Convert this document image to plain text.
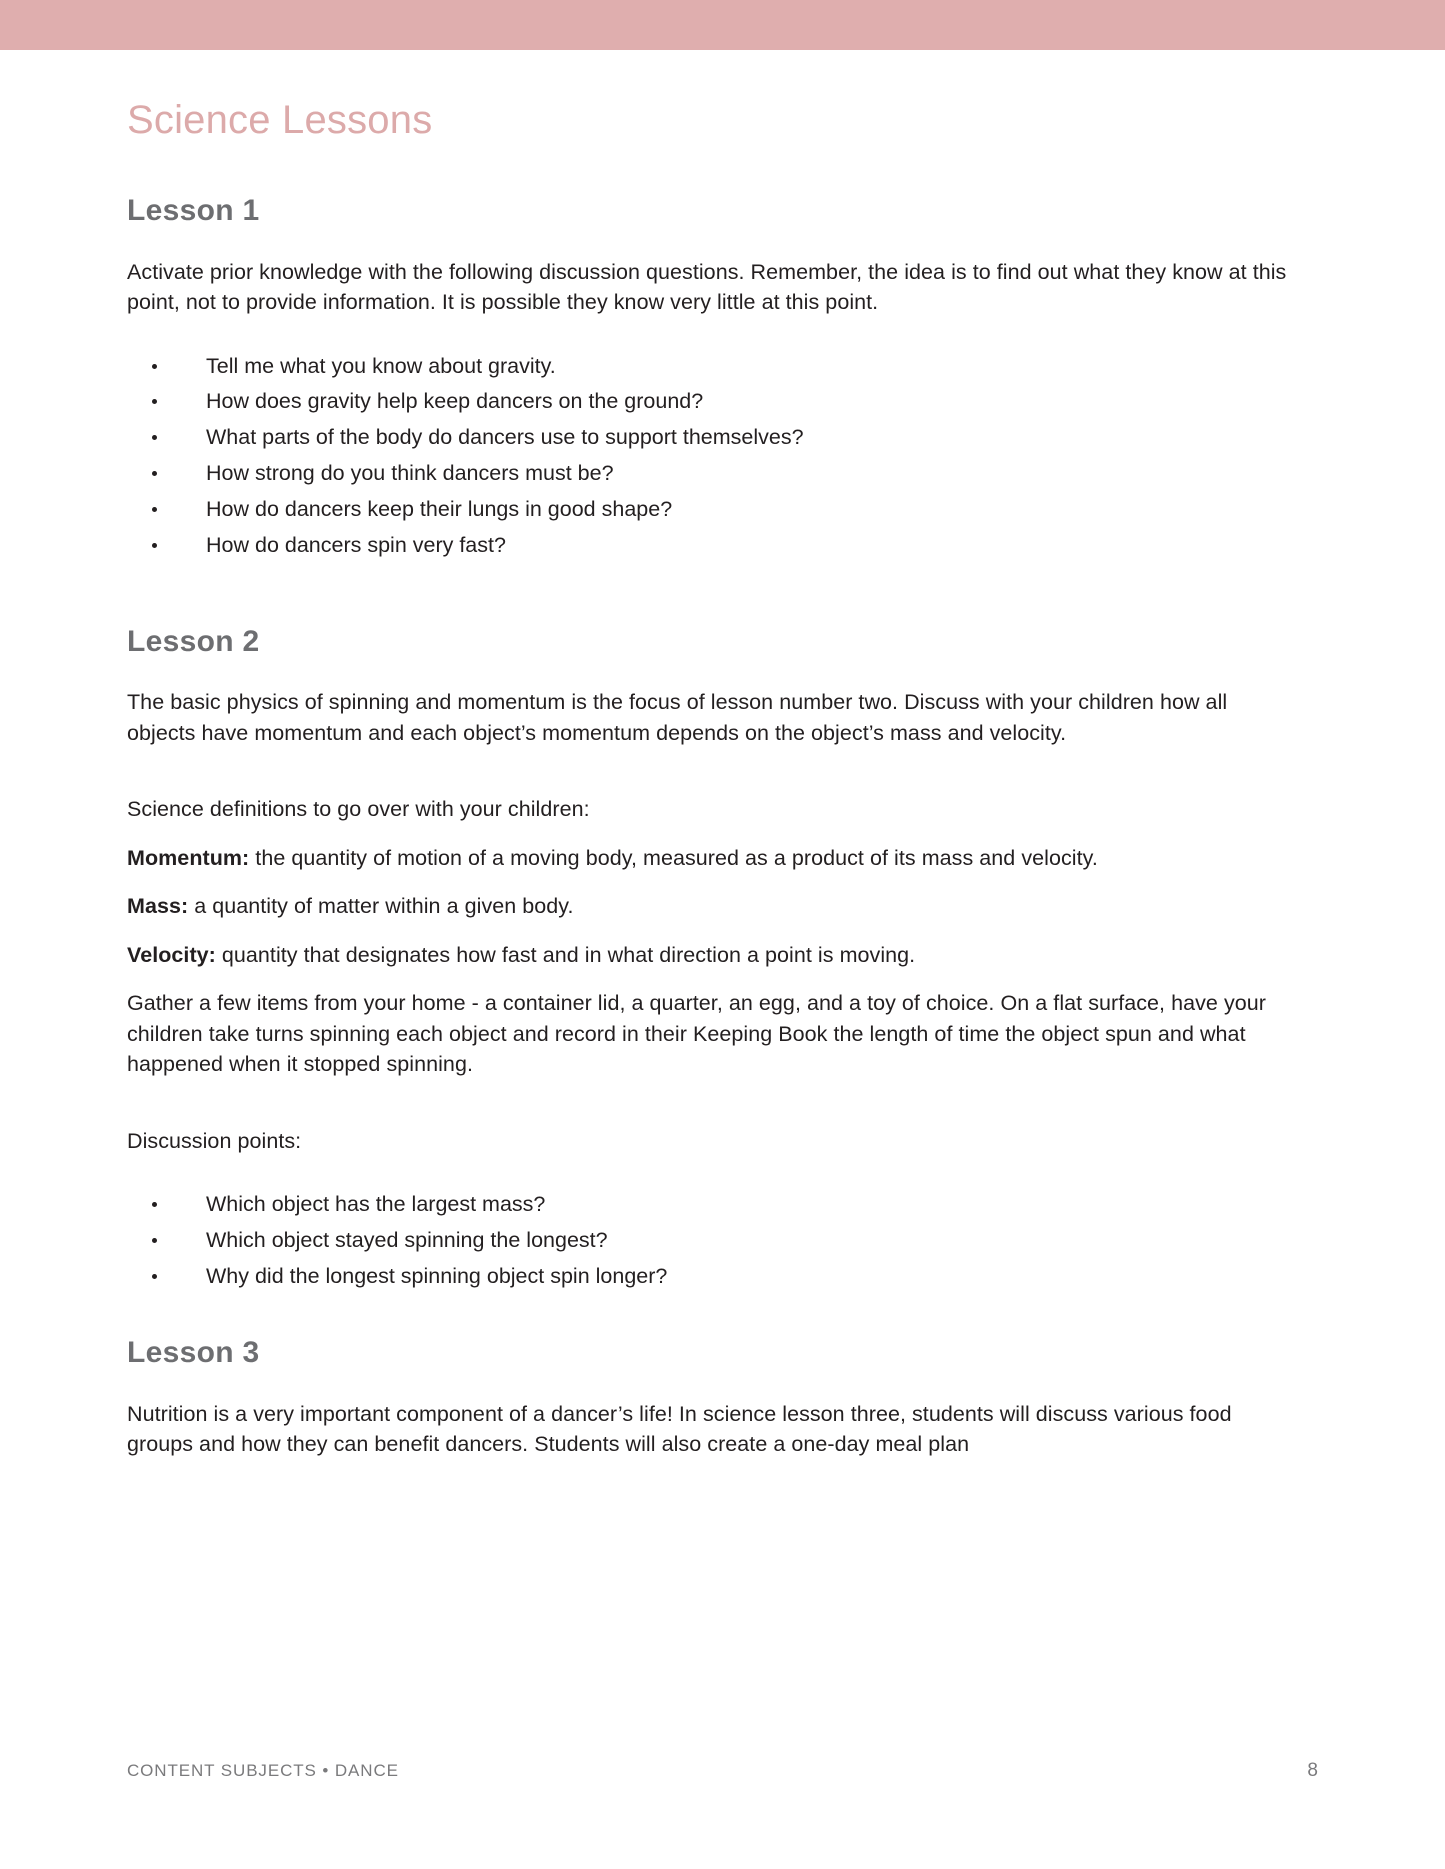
Science Lessons
Lesson 1

Activate prior knowledge with the following discussion questions. Remember, the idea is to find out what they know at this point, not to provide information. It is possible they know very little at this point.

Tell me what you know about gravity.
How does gravity help keep dancers on the ground?
What parts of the body do dancers use to support themselves?
How strong do you think dancers must be?
How do dancers keep their lungs in good shape?
How do dancers spin very fast?
Lesson 2

The basic physics of spinning and momentum is the focus of lesson number two. Discuss with your children how all objects have momentum and each object’s momentum depends on the object’s mass and velocity.

Science definitions to go over with your children:

Momentum: the quantity of motion of a moving body, measured as a product of its mass and velocity.

Mass: a quantity of matter within a given body.

Velocity: quantity that designates how fast and in what direction a point is moving.

Gather a few items from your home - a container lid, a quarter, an egg, and a toy of choice. On a flat surface, have your children take turns spinning each object and record in their Keeping Book the length of time the object spun and what happened when it stopped spinning.

Discussion points:

Which object has the largest mass?
Which object stayed spinning the longest?
Why did the longest spinning object spin longer?
Lesson 3

Nutrition is a very important component of a dancer’s life! In science lesson three, students will discuss various food groups and how they can benefit dancers. Students will also create a one-day meal plan

CONTENT SUBJECTS • DANCE	8
